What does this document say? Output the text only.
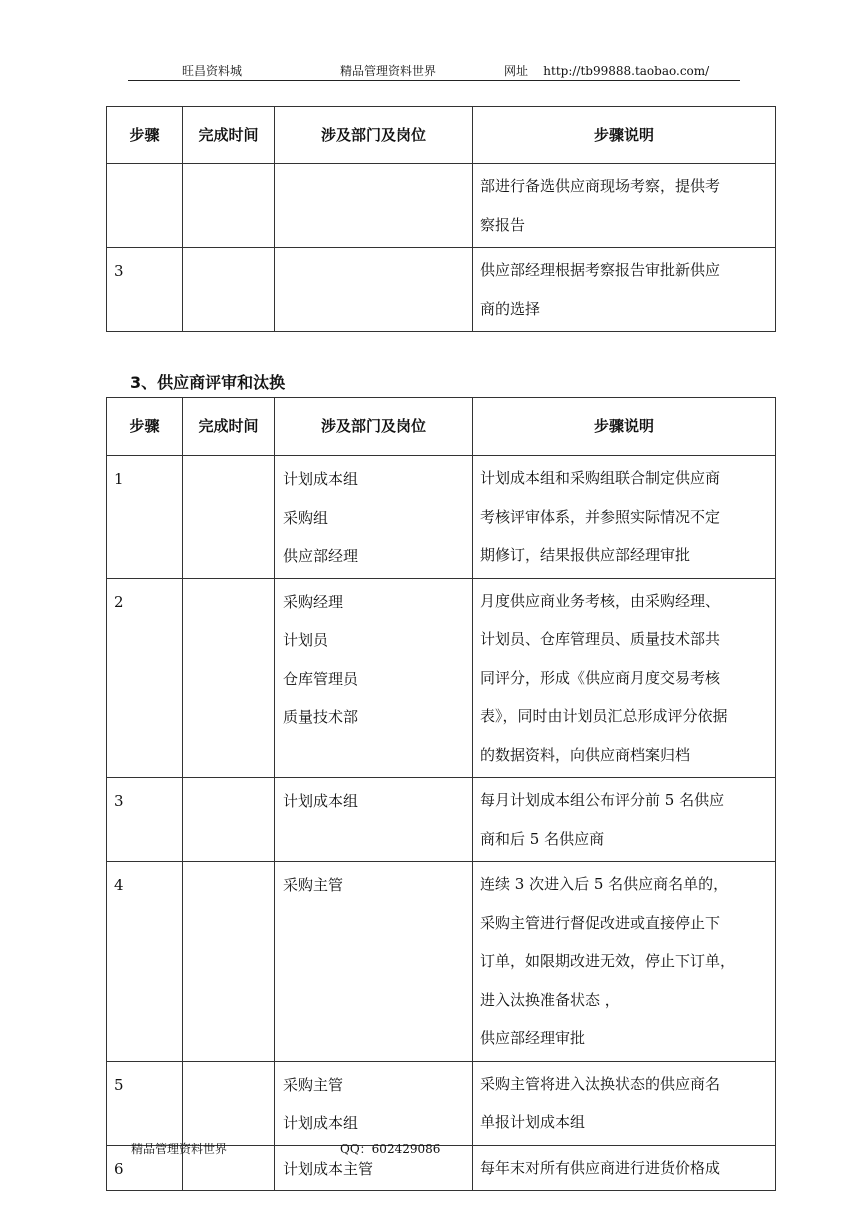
旺昌资料城	精品管理资料世界	网址 http://tb99888.taobao.com/
步骤	完成时间	涉及部门及岗位	步骤说明

			部进行备选供应商现场考察，提供考
察报告

3			供应部经理根据考察报告审批新供应
商的选择
3、供应商评审和汰换
步骤	完成时间	涉及部门及岗位	步骤说明
1		计划成本组
采购组
供应部经理	计划成本组和采购组联合制定供应商
考核评审体系，并参照实际情况不定
期修订，结果报供应部经理审批

2		采购经理
计划员
仓库管理员
质量技术部	月度供应商业务考核，由采购经理、
计划员、仓库管理员、质量技术部共
同评分，形成《供应商月度交易考核
表》，同时由计划员汇总形成评分依据
的数据资料，向供应商档案归档

3		计划成本组	每月计划成本组公布评分前 5 名供应
商和后 5 名供应商

4		采购主管	连续 3 次进入后 5 名供应商名单的，
采购主管进行督促改进或直接停止下
订单，如限期改进无效，停止下订单，
进入汰换准备状态 ，
供应部经理审批

5		采购主管
计划成本组	采购主管将进入汰换状态的供应商名
单报计划成本组

6		计划成本主管	每年末对所有供应商进行进货价格成
精品管理资料世界	QQ：602429086
